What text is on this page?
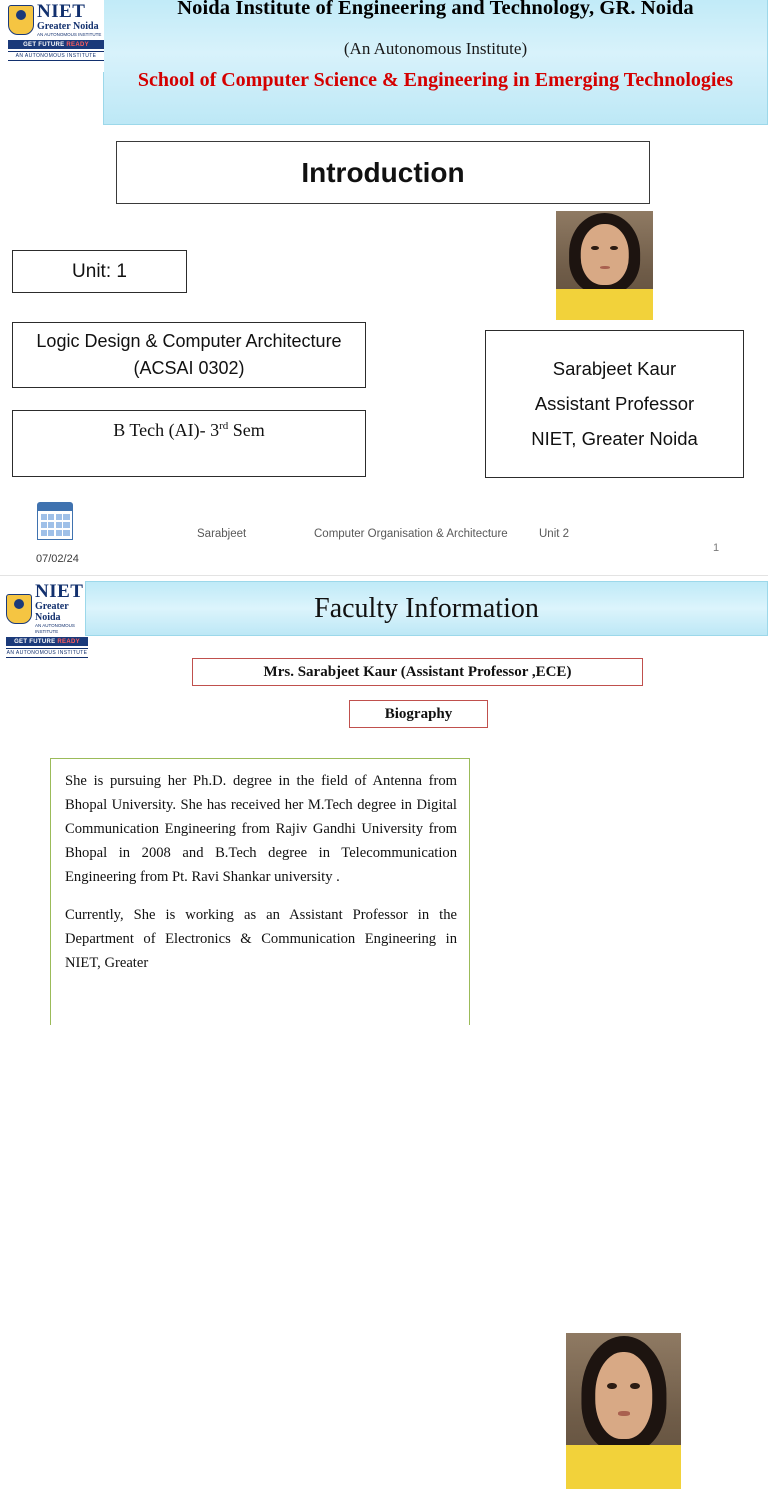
Noida Institute of Engineering and Technology, GR. Noida
(An Autonomous Institute)
School of Computer Science & Engineering in Emerging Technologies
NIET
Greater Noida
AN AUTONOMOUS INSTITUTE
GET FUTURE READY
AN AUTONOMOUS INSTITUTE
Introduction
Unit: 1
Logic Design & Computer Architecture (ACSAI 0302)
B Tech (AI)- 3rd Sem
Sarabjeet Kaur
Assistant Professor
NIET, Greater Noida
07/02/24
Sarabjeet	Computer Organisation & Architecture	Unit 2
1
NIET
Greater Noida
AN AUTONOMOUS INSTITUTE
GET FUTURE READY
AN AUTONOMOUS INSTITUTE
Faculty Information
Mrs. Sarabjeet Kaur (Assistant Professor ,ECE)
Biography

She is pursuing her Ph.D. degree in the field of Antenna from Bhopal University. She has received her M.Tech degree in Digital Communication Engineering from Rajiv Gandhi University from Bhopal in 2008 and B.Tech degree in Telecommunication Engineering from Pt. Ravi Shankar university .

Currently, She is working as an Assistant Professor in the Department of Electronics & Communication Engineering in NIET, Greater
